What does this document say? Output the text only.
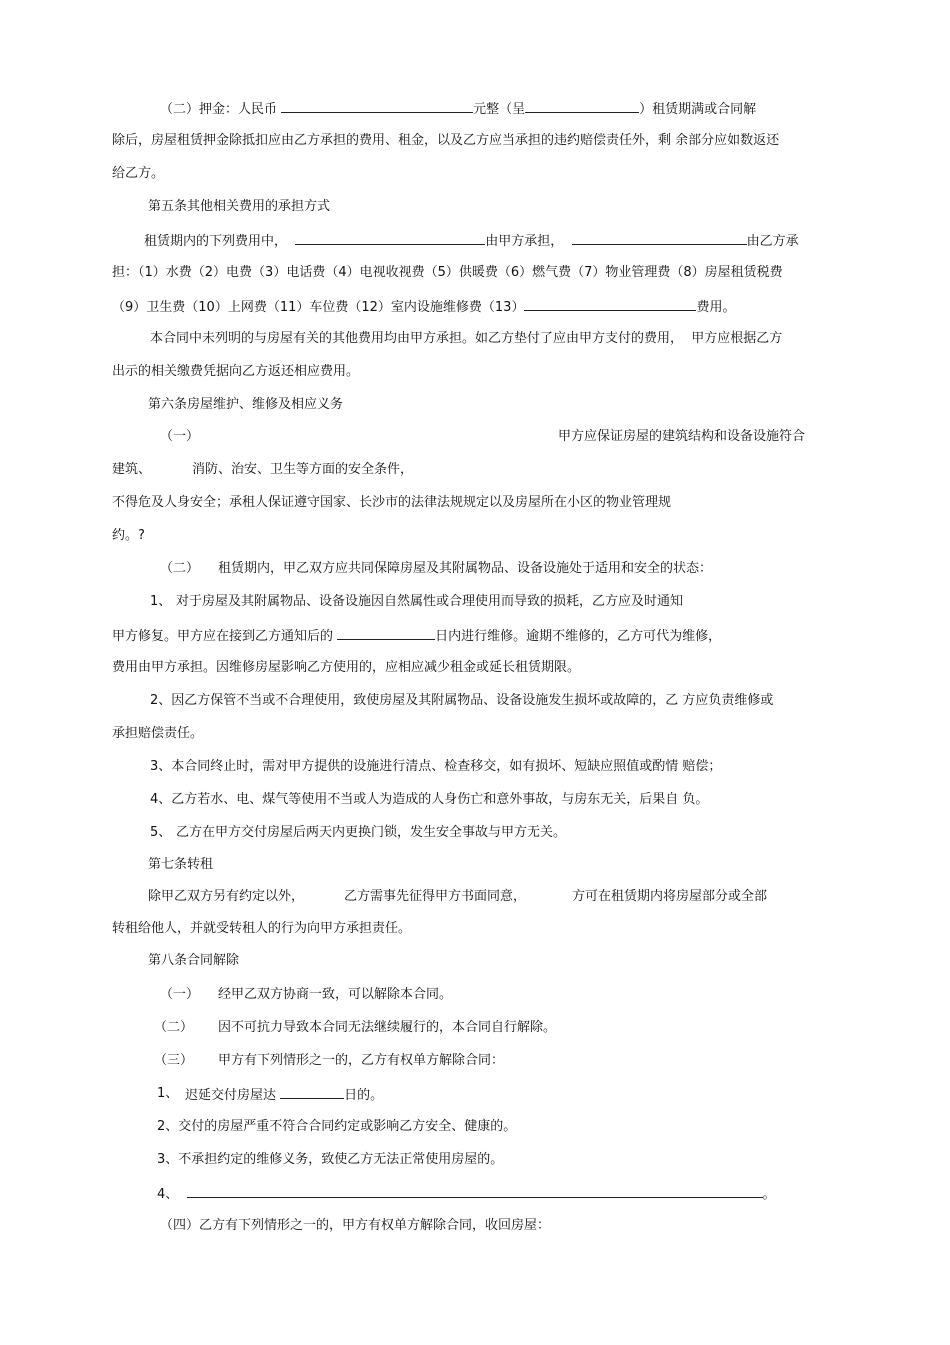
（二）押金：人民币	元整（呈	）租赁期满或合同解
除后，房屋租赁押金除抵扣应由乙方承担的费用、租金，以及乙方应当承担的违约赔偿责任外，剩 余部分应如数返还
给乙方。
第五条其他相关费用的承担方式
租赁期内的下列费用中，	由甲方承担，	由乙方承
担：（1）水费（2）电费（3）电话费（4）电视收视费（5）供暖费（6）燃气费（7）物业管理费（8）房屋租赁税费
（9）卫生费（10）上网费（11）车位费（12）室内设施维修费（13）	费用。
本合同中未列明的与房屋有关的其他费用均由甲方承担。如乙方垫付了应由甲方支付的费用，  甲方应根据乙方
出示的相关缴费凭据向乙方返还相应费用。
第六条房屋维护、维修及相应义务
（一）	甲方应保证房屋的建筑结构和设备设施符合
建筑、	消防、治安、卫生等方面的安全条件，
不得危及人身安全；承租人保证遵守国家、长沙市的法律法规规定以及房屋所在小区的物业管理规
约。?
（二） 租赁期内，甲乙双方应共同保障房屋及其附属物品、设备设施处于适用和安全的状态：
1、 对于房屋及其附属物品、设备设施因自然属性或合理使用而导致的损耗，乙方应及时通知
甲方修复。甲方应在接到乙方通知后的	日内进行维修。逾期不维修的，乙方可代为维修，
费用由甲方承担。因维修房屋影响乙方使用的，应相应减少租金或延长租赁期限。
2、因乙方保管不当或不合理使用，致使房屋及其附属物品、设备设施发生损坏或故障的，乙 方应负责维修或
承担赔偿责任。
3、本合同终止时，需对甲方提供的设施进行清点、检查移交，如有损坏、短缺应照值或酌情 赔偿；
4、乙方若水、电、煤气等使用不当或人为造成的人身伤亡和意外事故，与房东无关，后果自 负。
5、 乙方在甲方交付房屋后两天内更换门锁，发生安全事故与甲方无关。
第七条转租
除甲乙双方另有约定以外，	乙方需事先征得甲方书面同意，	方可在租赁期内将房屋部分或全部
转租给他人，并就受转租人的行为向甲方承担责任。
第八条合同解除
（一） 经甲乙双方协商一致，可以解除本合同。
（二） 因不可抗力导致本合同无法继续履行的，本合同自行解除。
（三） 甲方有下列情形之一的，乙方有权单方解除合同：
1、 迟延交付房屋达	日的。
2、交付的房屋严重不符合合同约定或影响乙方安全、健康的。
3、不承担约定的维修义务，致使乙方无法正常使用房屋的。
4、	。
（四）乙方有下列情形之一的，甲方有权单方解除合同，收回房屋：
